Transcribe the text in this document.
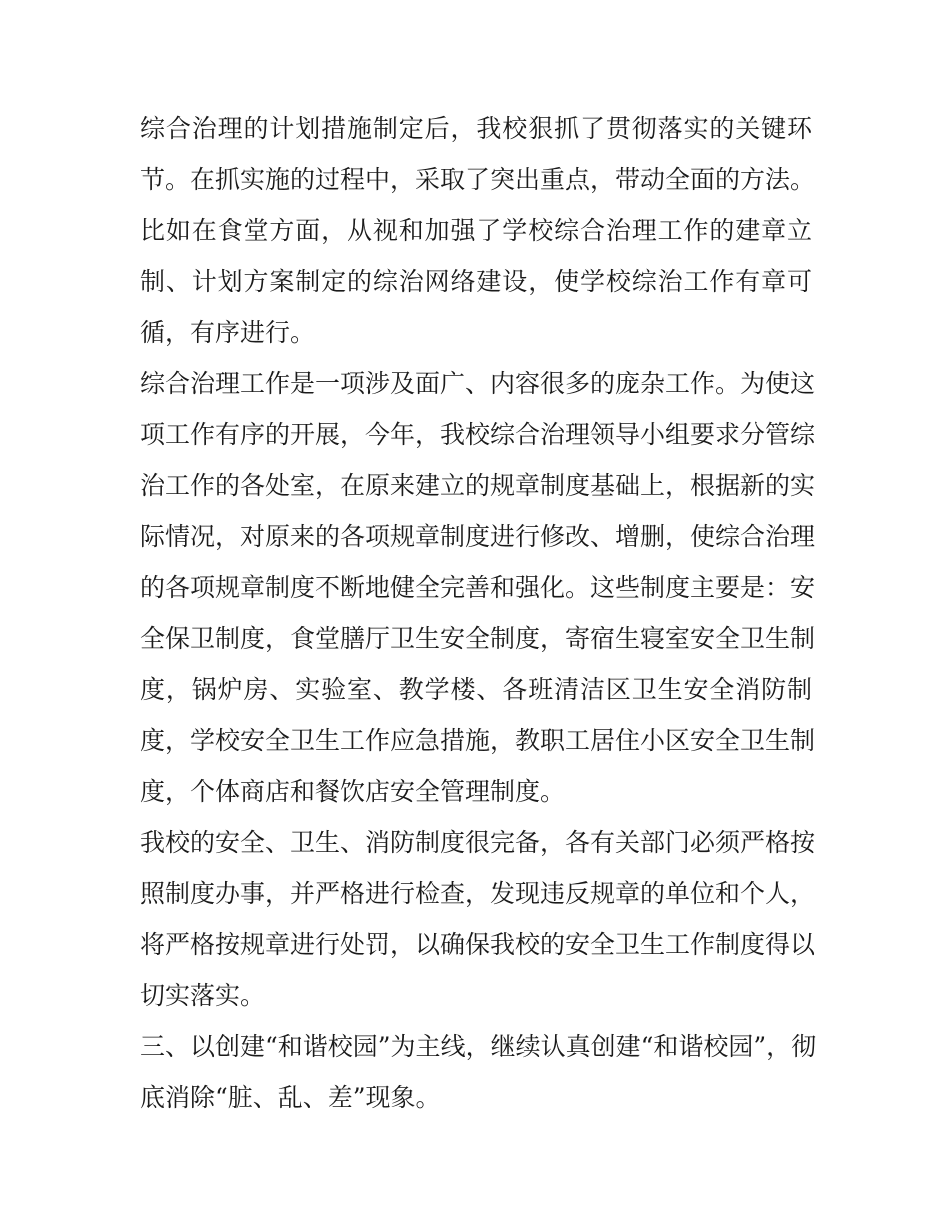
综合治理的计划措施制定后，我校狠抓了贯彻落实的关键环
节。在抓实施的过程中，采取了突出重点，带动全面的方法。
比如在食堂方面，从视和加强了学校综合治理工作的建章立
制、计划方案制定的综治网络建设，使学校综治工作有章可
循，有序进行。
综合治理工作是一项涉及面广、内容很多的庞杂工作。为使这
项工作有序的开展，今年，我校综合治理领导小组要求分管综
治工作的各处室，在原来建立的规章制度基础上，根据新的实
际情况，对原来的各项规章制度进行修改、增删，使综合治理
的各项规章制度不断地健全完善和强化。这些制度主要是：安
全保卫制度，食堂膳厅卫生安全制度，寄宿生寝室安全卫生制
度，锅炉房、实验室、教学楼、各班清洁区卫生安全消防制
度，学校安全卫生工作应急措施，教职工居住小区安全卫生制
度，个体商店和餐饮店安全管理制度。
我校的安全、卫生、消防制度很完备，各有关部门必须严格按
照制度办事，并严格进行检查，发现违反规章的单位和个人，
将严格按规章进行处罚，以确保我校的安全卫生工作制度得以
切实落实。
三、以创建“和谐校园”为主线，继续认真创建“和谐校园”，彻
底消除“脏、乱、差”现象。
